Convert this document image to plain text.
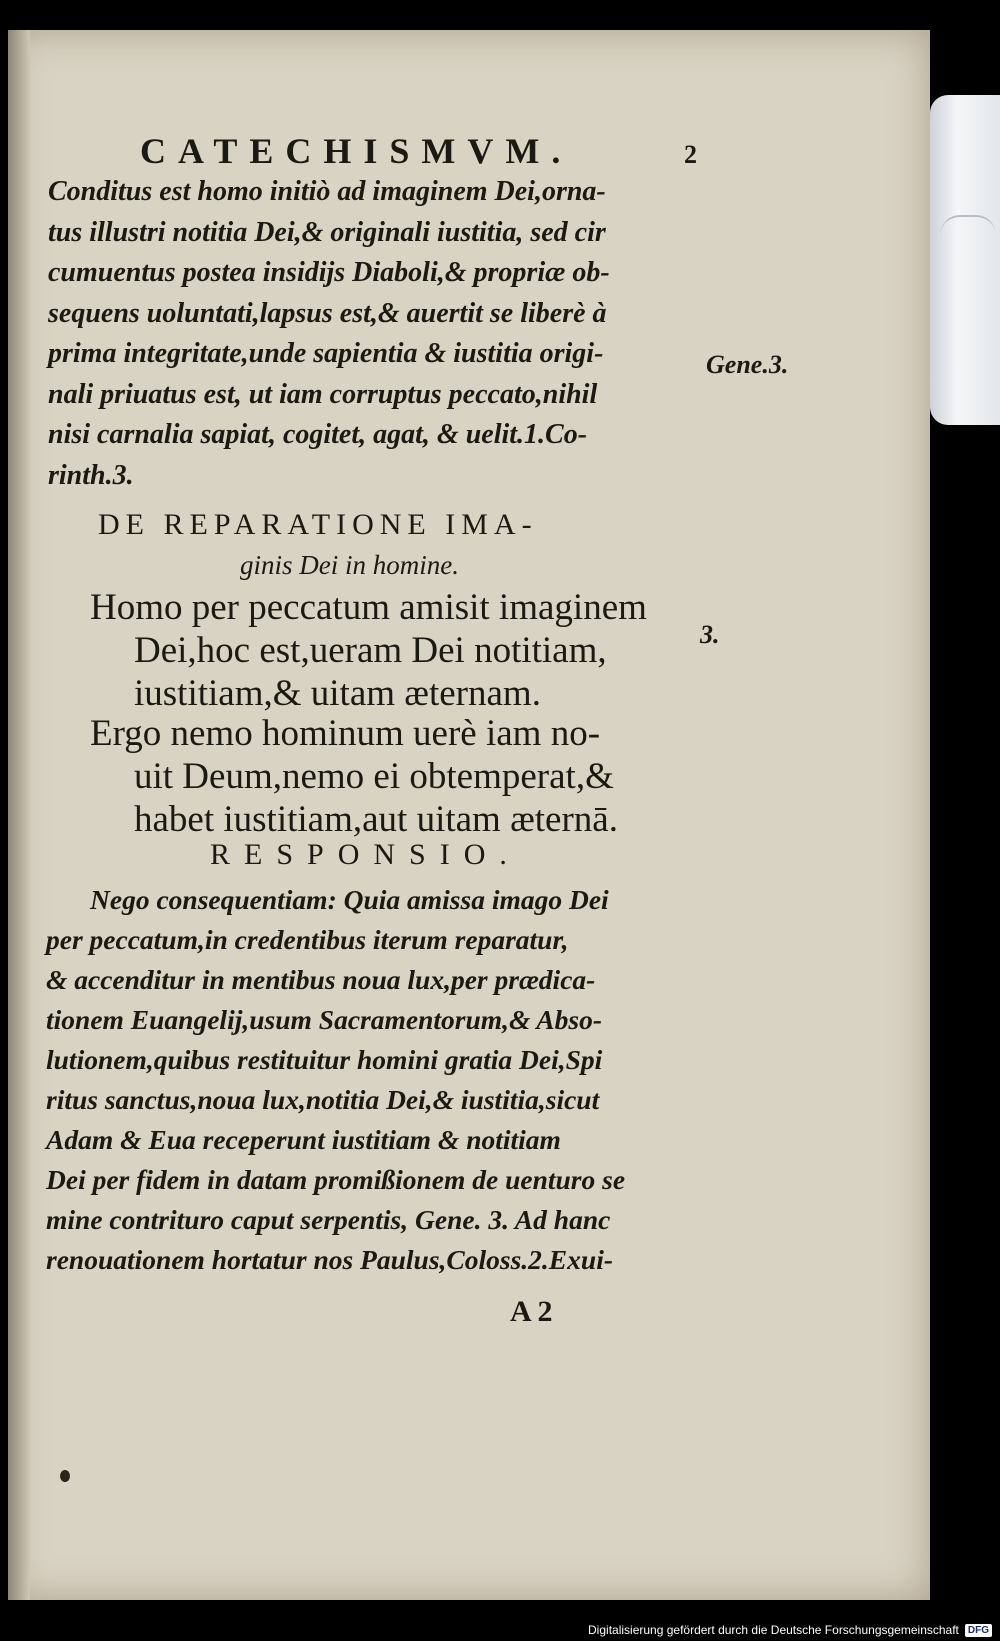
CATECHISMVM.	2
Conditus est homo initiò ad imaginem Dei,orna-
tus illustri notitia Dei,& originali iustitia, sed cir
cumuentus postea insidijs Diaboli,& propriæ ob-
sequens uoluntati,lapsus est,& auertit se liberè à
prima integritate,unde sapientia & iustitia origi-
nali priuatus est, ut iam corruptus peccato,nihil
nisi carnalia sapiat, cogitet, agat, & uelit.1.Co-
rinth.3.
Gene.3.
DE REPARATIONE IMA-
ginis Dei in homine.
Homo per peccatum amisit imaginem
Dei,hoc est,ueram Dei notitiam,
iustitiam,& uitam æternam.
3.
Ergo nemo hominum uerè iam no-
uit Deum,nemo ei obtemperat,&
habet iustitiam,aut uitam æternā.
RESPONSIO.
Nego consequentiam: Quia amissa imago Dei
per peccatum,in credentibus iterum reparatur,
& accenditur in mentibus noua lux,per prædica-
tionem Euangelij,usum Sacramentorum,& Abso-
lutionem,quibus restituitur homini gratia Dei,Spi
ritus sanctus,noua lux,notitia Dei,& iustitia,sicut
Adam & Eua receperunt iustitiam & notitiam
Dei per fidem in datam promißionem de uenturo se
mine contrituro caput serpentis, Gene. 3. Ad hanc
renouationem hortatur nos Paulus,Coloss.2.Exui-
A 2
Digitalisierung gefördert durch die Deutsche Forschungsgemeinschaft DFG
